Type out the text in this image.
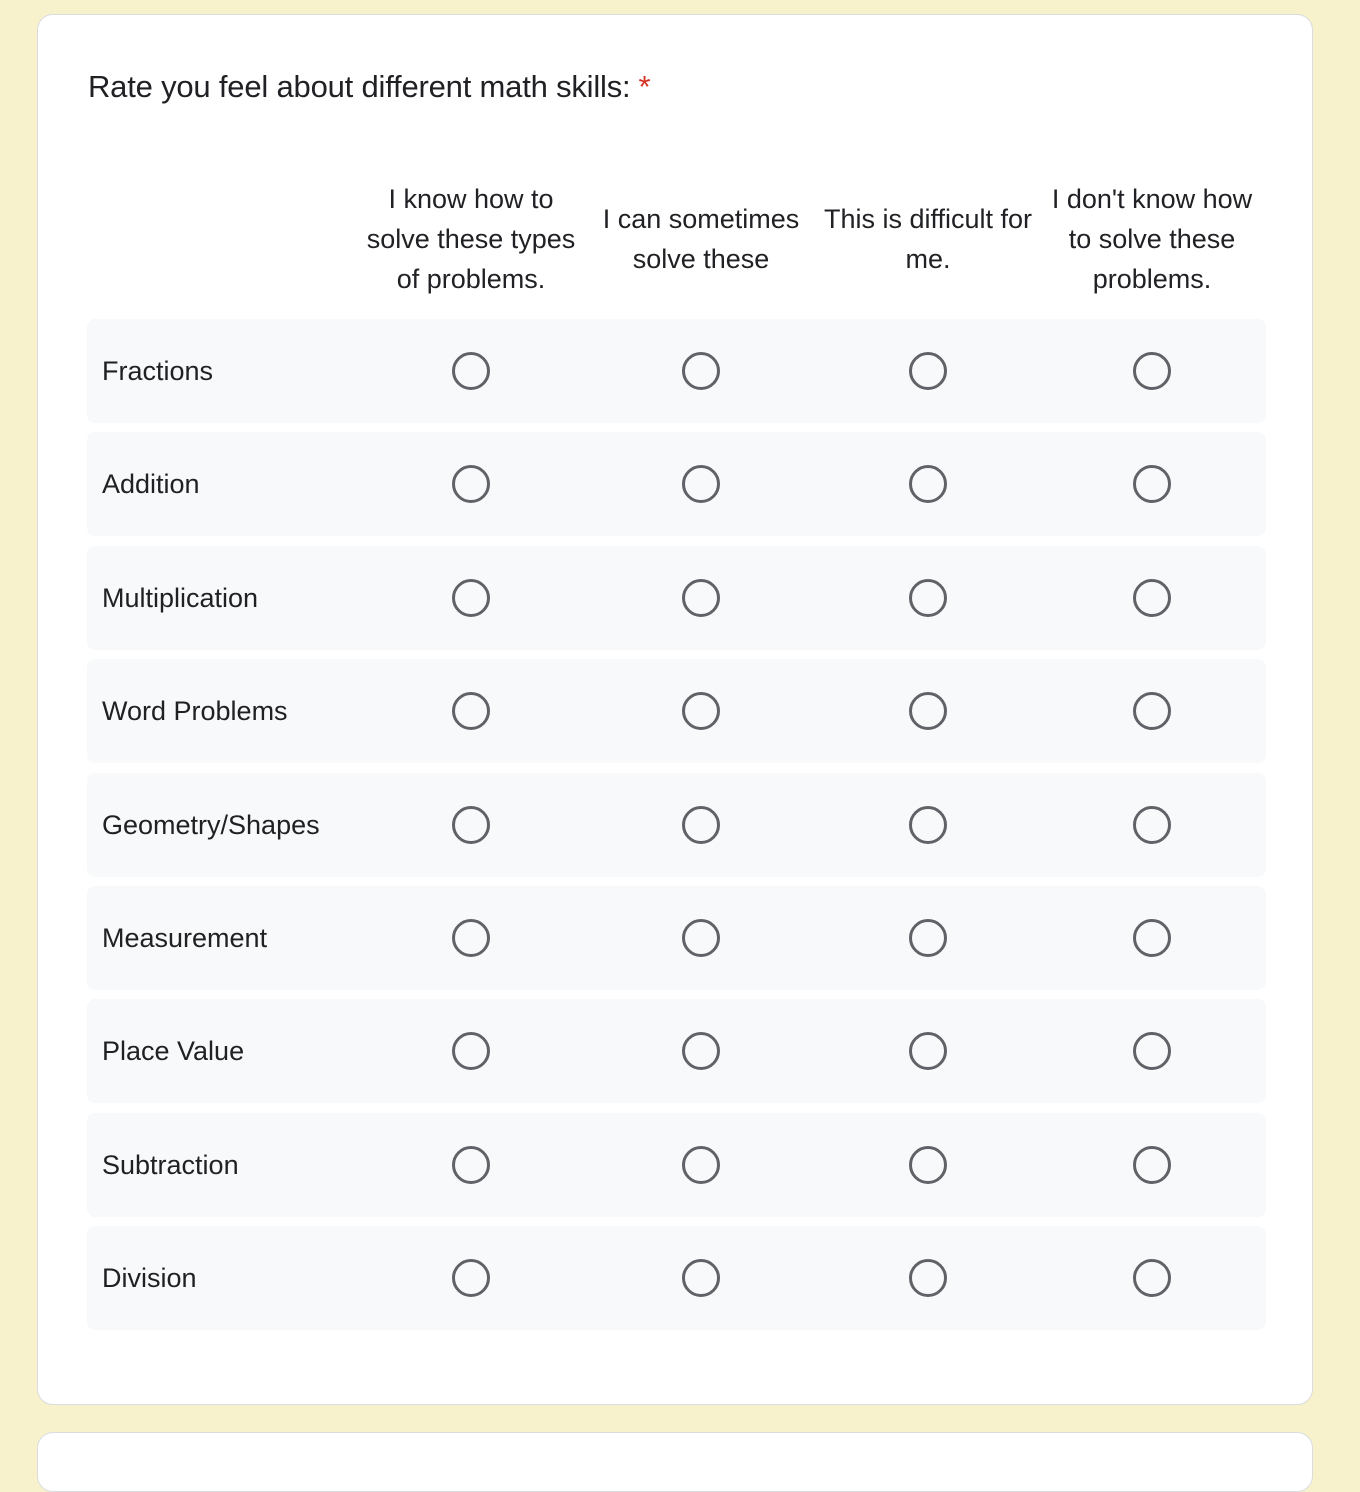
Rate you feel about different math skills: *
I know how to solve these types of problems.
I can sometimes solve these
This is difficult for me.
I don't know how to solve these problems.
Fractions
Addition
Multiplication
Word Problems
Geometry/Shapes
Measurement
Place Value
Subtraction
Division
